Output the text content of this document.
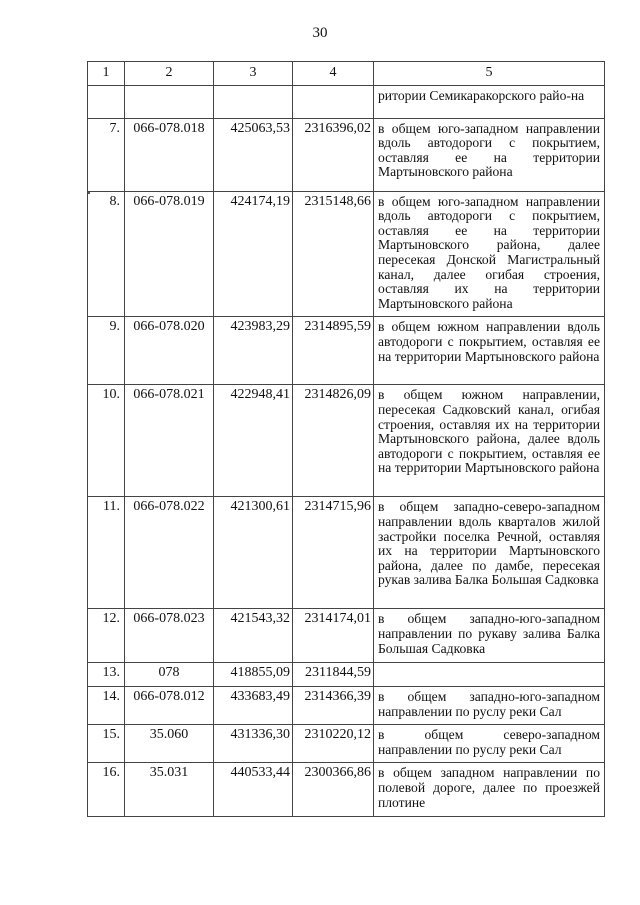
30
1	2	3	4	5
				ритории Семикаракорского райо-на
7.	066-078.018	425063,53	2316396,02	в общем юго-западном направлении вдоль автодороги с покрытием, оставляя ее на территории Мартыновского района
8.	066-078.019	424174,19	2315148,66	в общем юго-западном направлении вдоль автодороги с покрытием, оставляя ее на территории Мартыновского района, далее пересекая Донской Магистральный канал, далее огибая строения, оставляя их на территории Мартыновского района
9.	066-078.020	423983,29	2314895,59	в общем южном направлении вдоль автодороги с покрытием, оставляя ее на территории Мартыновского района
10.	066-078.021	422948,41	2314826,09	в общем южном направлении, пересекая Садковский канал, огибая строения, оставляя их на территории Мартыновского района, далее вдоль автодороги с покрытием, оставляя ее на территории Мартыновского района
11.	066-078.022	421300,61	2314715,96	в общем западно-северо-западном направлении вдоль кварталов жилой застройки поселка Речной, оставляя их на территории Мартыновского района, далее по дамбе, пересекая рукав залива Балка Большая Садковка
12.	066-078.023	421543,32	2314174,01	в общем западно-юго-западном направлении по рукаву залива Балка Большая Садковка
13.	078	418855,09	2311844,59	
14.	066-078.012	433683,49	2314366,39	в общем западно-юго-западном направлении по руслу реки Сал
15.	35.060	431336,30	2310220,12	в общем северо-западном направлении по руслу реки Сал
16.	35.031	440533,44	2300366,86	в общем западном направлении по полевой дороге, далее по проезжей плотине
